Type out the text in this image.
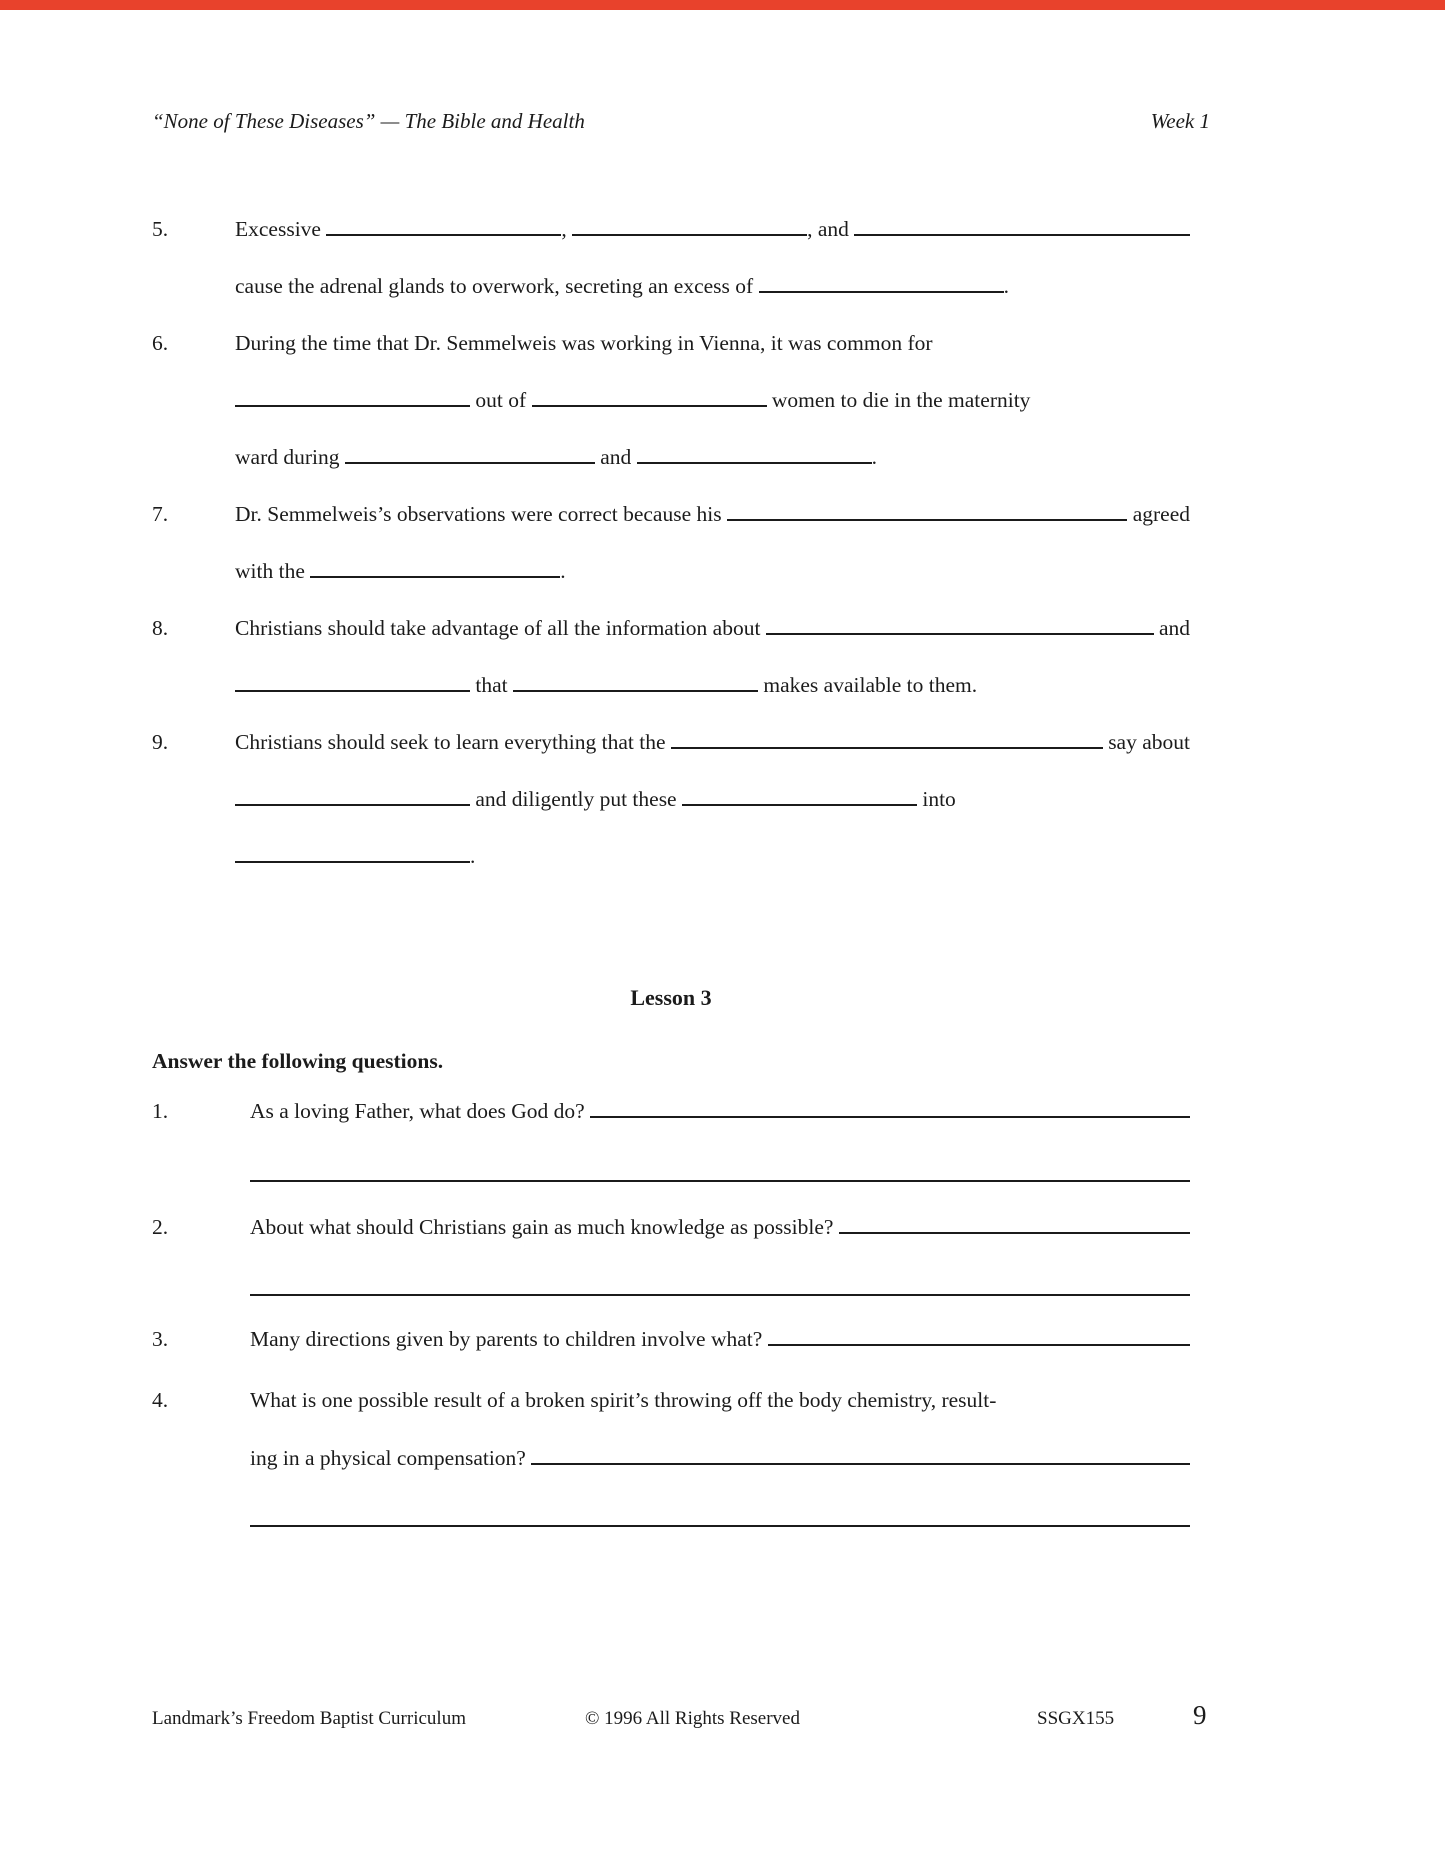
“None of These Diseases” — The Bible and Health	Week 1
5.	Excessive	,	, and
cause the adrenal glands to overwork, secreting an excess of	.
6.	During the time that Dr. Semmelweis was working in Vienna, it was common for
out of	women to die in the maternity
ward during	and	.
7.	Dr. Semmelweis’s observations were correct because his	agreed
with the	.
8.	Christians should take advantage of all the information about	and
that	makes available to them.
9.	Christians should seek to learn everything that the	say about
and diligently put these	into
.
Lesson 3
Answer the following questions.
1.	As a loving Father, what does God do?
2.	About what should Christians gain as much knowledge as possible?
3.	Many directions given by parents to children involve what?
4.	What is one possible result of a broken spirit’s throwing off the body chemistry, result-
ing in a physical compensation?
Landmark’s Freedom Baptist Curriculum	© 1996 All Rights Reserved	SSGX155	9
